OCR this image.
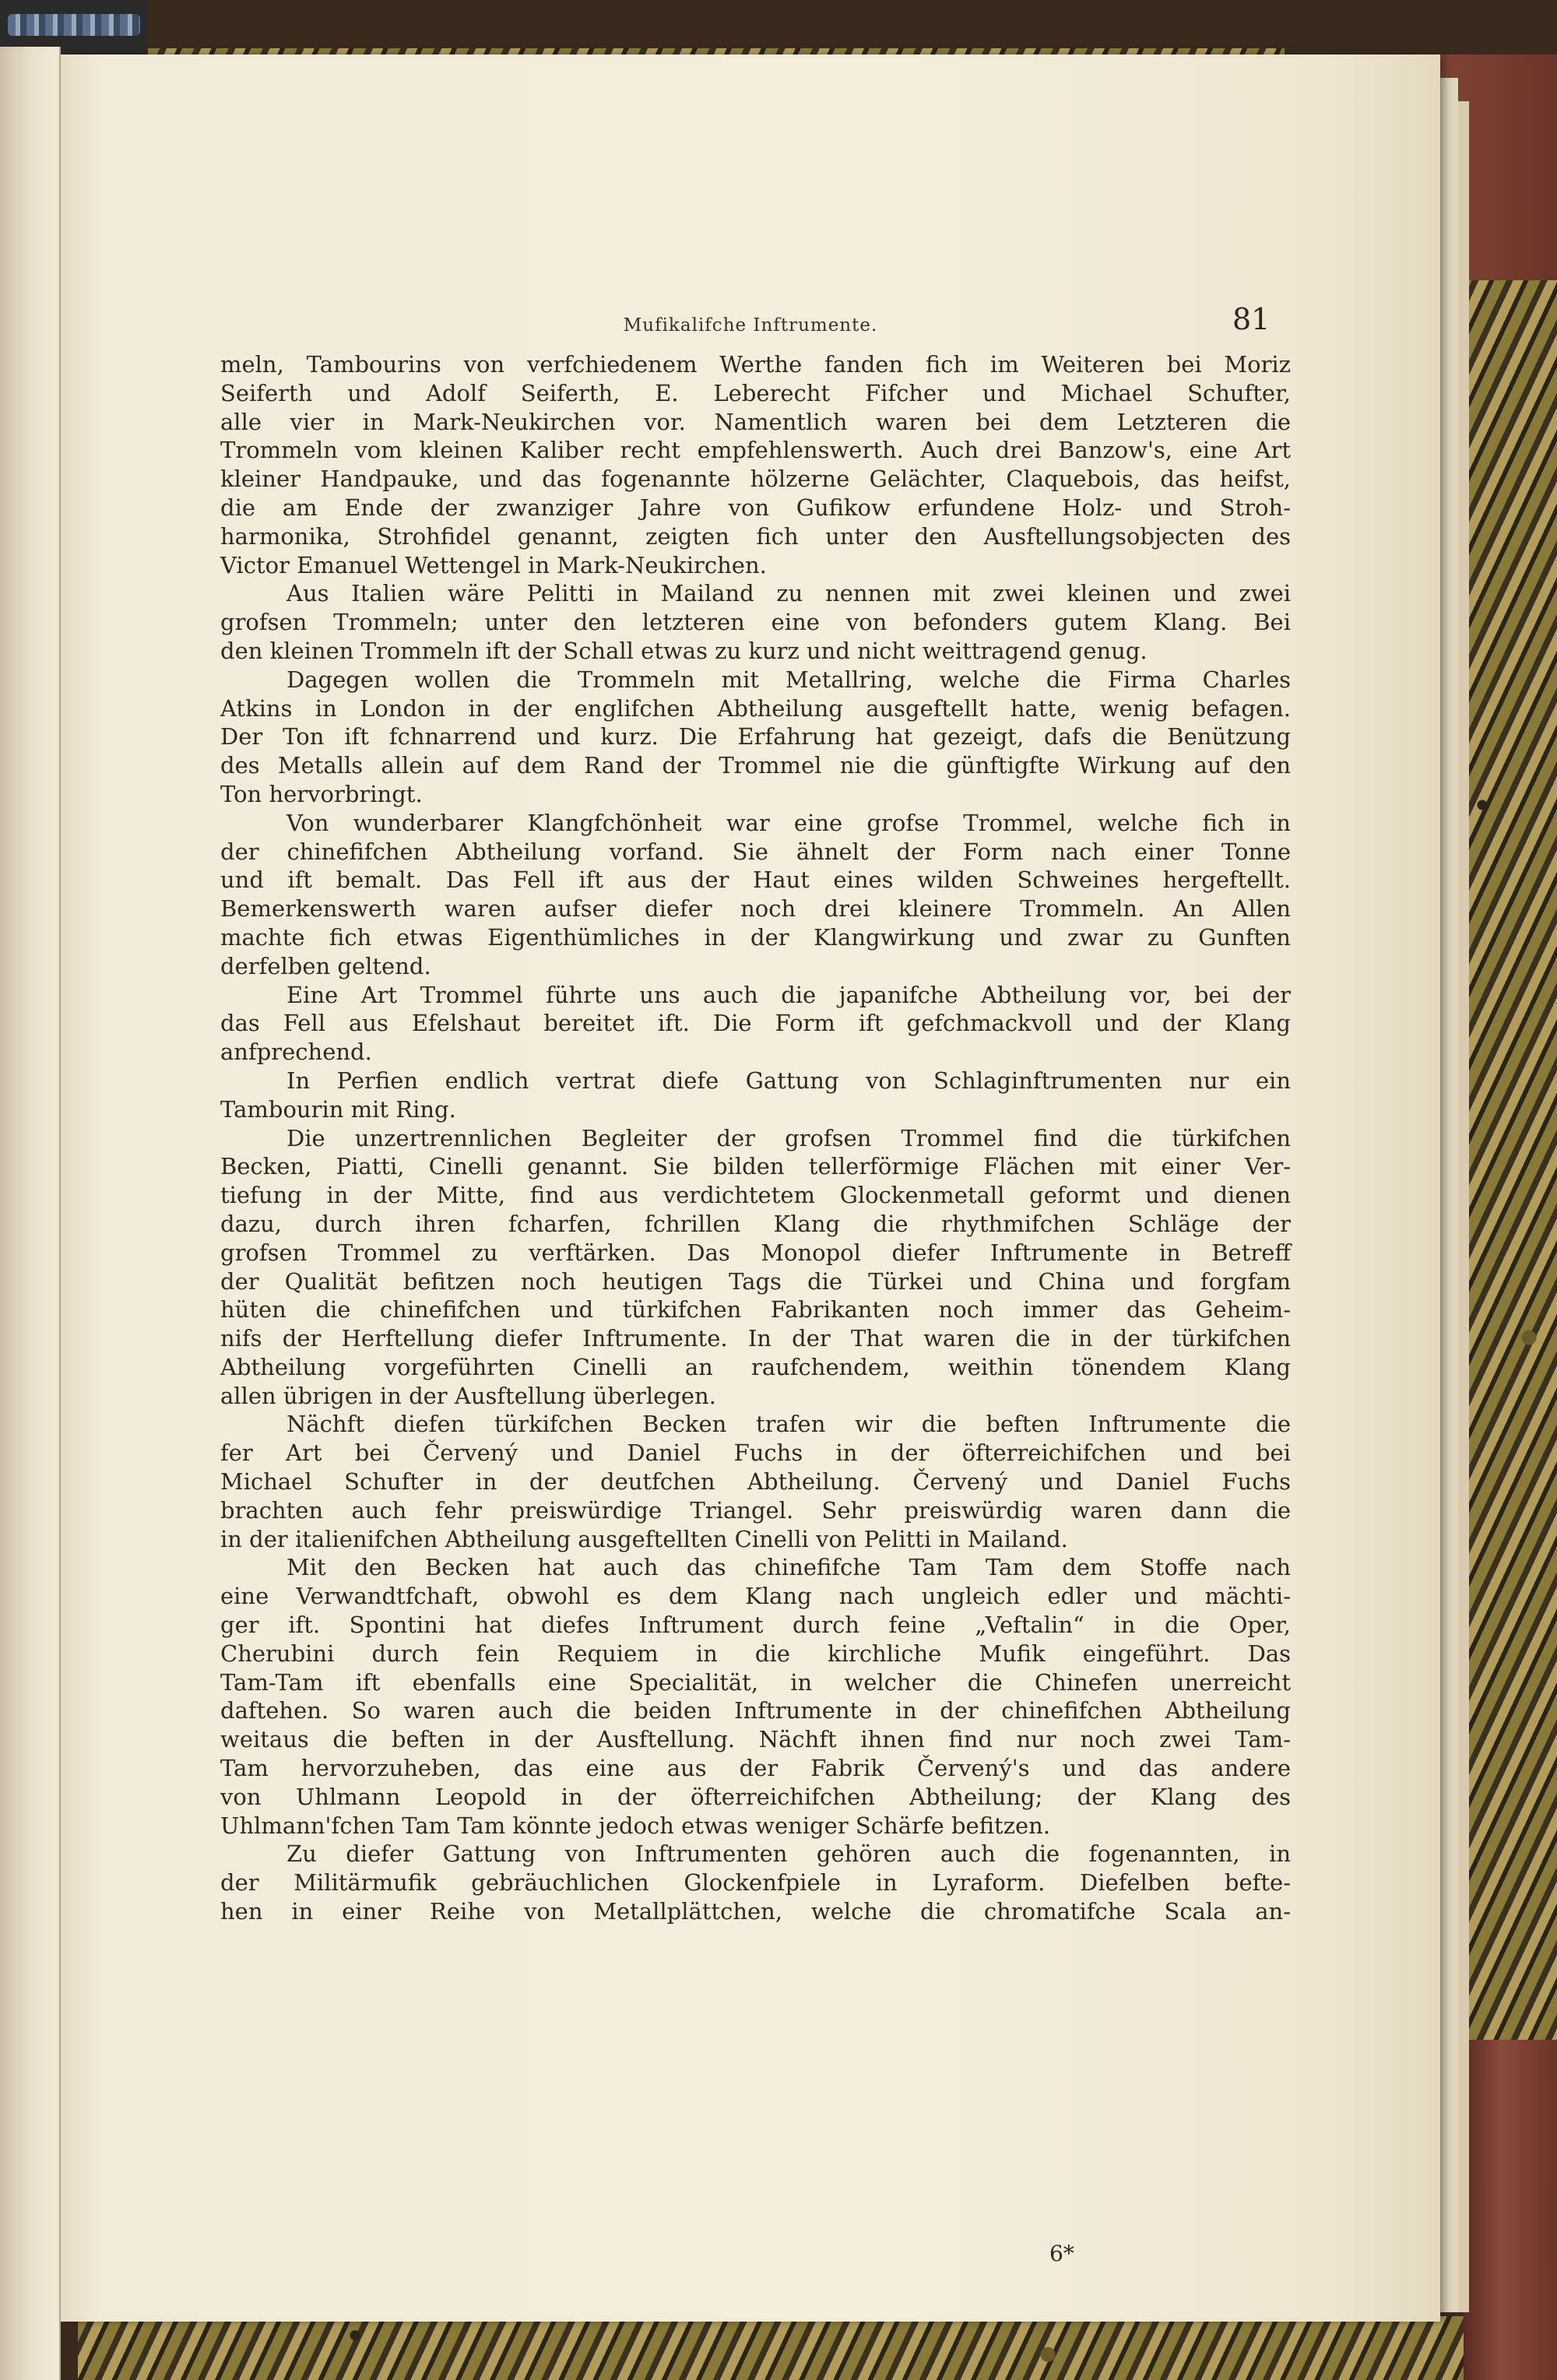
Mufikalifche Inftrumente.	81
meln, Tambourins von verfchiedenem Werthe fanden fich im Weiteren bei Moriz
Seiferth und Adolf Seiferth, E. Leberecht Fifcher und Michael Schufter,
alle vier in Mark-Neukirchen vor. Namentlich waren bei dem Letzteren die
Trommeln vom kleinen Kaliber recht empfehlenswerth. Auch drei Banzow's, eine Art
kleiner Handpauke, und das fogenannte hölzerne Gelächter, Claquebois, das heifst,
die am Ende der zwanziger Jahre von Gufikow erfundene Holz- und Stroh-
harmonika, Strohfidel genannt, zeigten fich unter den Ausftellungsobjecten des
Victor Emanuel Wettengel in Mark-Neukirchen.
Aus Italien wäre Pelitti in Mailand zu nennen mit zwei kleinen und zwei
grofsen Trommeln; unter den letzteren eine von befonders gutem Klang. Bei
den kleinen Trommeln ift der Schall etwas zu kurz und nicht weittragend genug.
Dagegen wollen die Trommeln mit Metallring, welche die Firma Charles
Atkins in London in der englifchen Abtheilung ausgeftellt hatte, wenig befagen.
Der Ton ift fchnarrend und kurz. Die Erfahrung hat gezeigt, dafs die Benützung
des Metalls allein auf dem Rand der Trommel nie die günftigfte Wirkung auf den
Ton hervorbringt.
Von wunderbarer Klangfchönheit war eine grofse Trommel, welche fich in
der chinefifchen Abtheilung vorfand. Sie ähnelt der Form nach einer Tonne
und ift bemalt. Das Fell ift aus der Haut eines wilden Schweines hergeftellt.
Bemerkenswerth waren aufser diefer noch drei kleinere Trommeln. An Allen
machte fich etwas Eigenthümliches in der Klangwirkung und zwar zu Gunften
derfelben geltend.
Eine Art Trommel führte uns auch die japanifche Abtheilung vor, bei der
das Fell aus Efelshaut bereitet ift. Die Form ift gefchmackvoll und der Klang
anfprechend.
In Perfien endlich vertrat diefe Gattung von Schlaginftrumenten nur ein
Tambourin mit Ring.
Die unzertrennlichen Begleiter der grofsen Trommel find die türkifchen
Becken, Piatti, Cinelli genannt. Sie bilden tellerförmige Flächen mit einer Ver-
tiefung in der Mitte, find aus verdichtetem Glockenmetall geformt und dienen
dazu, durch ihren fcharfen, fchrillen Klang die rhythmifchen Schläge der
grofsen Trommel zu verftärken. Das Monopol diefer Inftrumente in Betreff
der Qualität befitzen noch heutigen Tags die Türkei und China und forgfam
hüten die chinefifchen und türkifchen Fabrikanten noch immer das Geheim-
nifs der Herftellung diefer Inftrumente. In der That waren die in der türkifchen
Abtheilung vorgeführten Cinelli an raufchendem, weithin tönendem Klang
allen übrigen in der Ausftellung überlegen.
Nächft diefen türkifchen Becken trafen wir die beften Inftrumente die
fer Art bei Červený und Daniel Fuchs in der öfterreichifchen und bei
Michael Schufter in der deutfchen Abtheilung. Červený und Daniel Fuchs
brachten auch fehr preiswürdige Triangel. Sehr preiswürdig waren dann die
in der italienifchen Abtheilung ausgeftellten Cinelli von Pelitti in Mailand.
Mit den Becken hat auch das chinefifche Tam Tam dem Stoffe nach
eine Verwandtfchaft, obwohl es dem Klang nach ungleich edler und mächti-
ger ift. Spontini hat diefes Inftrument durch feine „Veftalin“ in die Oper,
Cherubini durch fein Requiem in die kirchliche Mufik eingeführt. Das
Tam-Tam ift ebenfalls eine Specialität, in welcher die Chinefen unerreicht
daftehen. So waren auch die beiden Inftrumente in der chinefifchen Abtheilung
weitaus die beften in der Ausftellung. Nächft ihnen find nur noch zwei Tam-
Tam hervorzuheben, das eine aus der Fabrik Červený's und das andere
von Uhlmann Leopold in der öfterreichifchen Abtheilung; der Klang des
Uhlmann'fchen Tam Tam könnte jedoch etwas weniger Schärfe befitzen.
Zu diefer Gattung von Inftrumenten gehören auch die fogenannten, in
der Militärmufik gebräuchlichen Glockenfpiele in Lyraform. Diefelben befte-
hen in einer Reihe von Metallplättchen, welche die chromatifche Scala an-
6*
